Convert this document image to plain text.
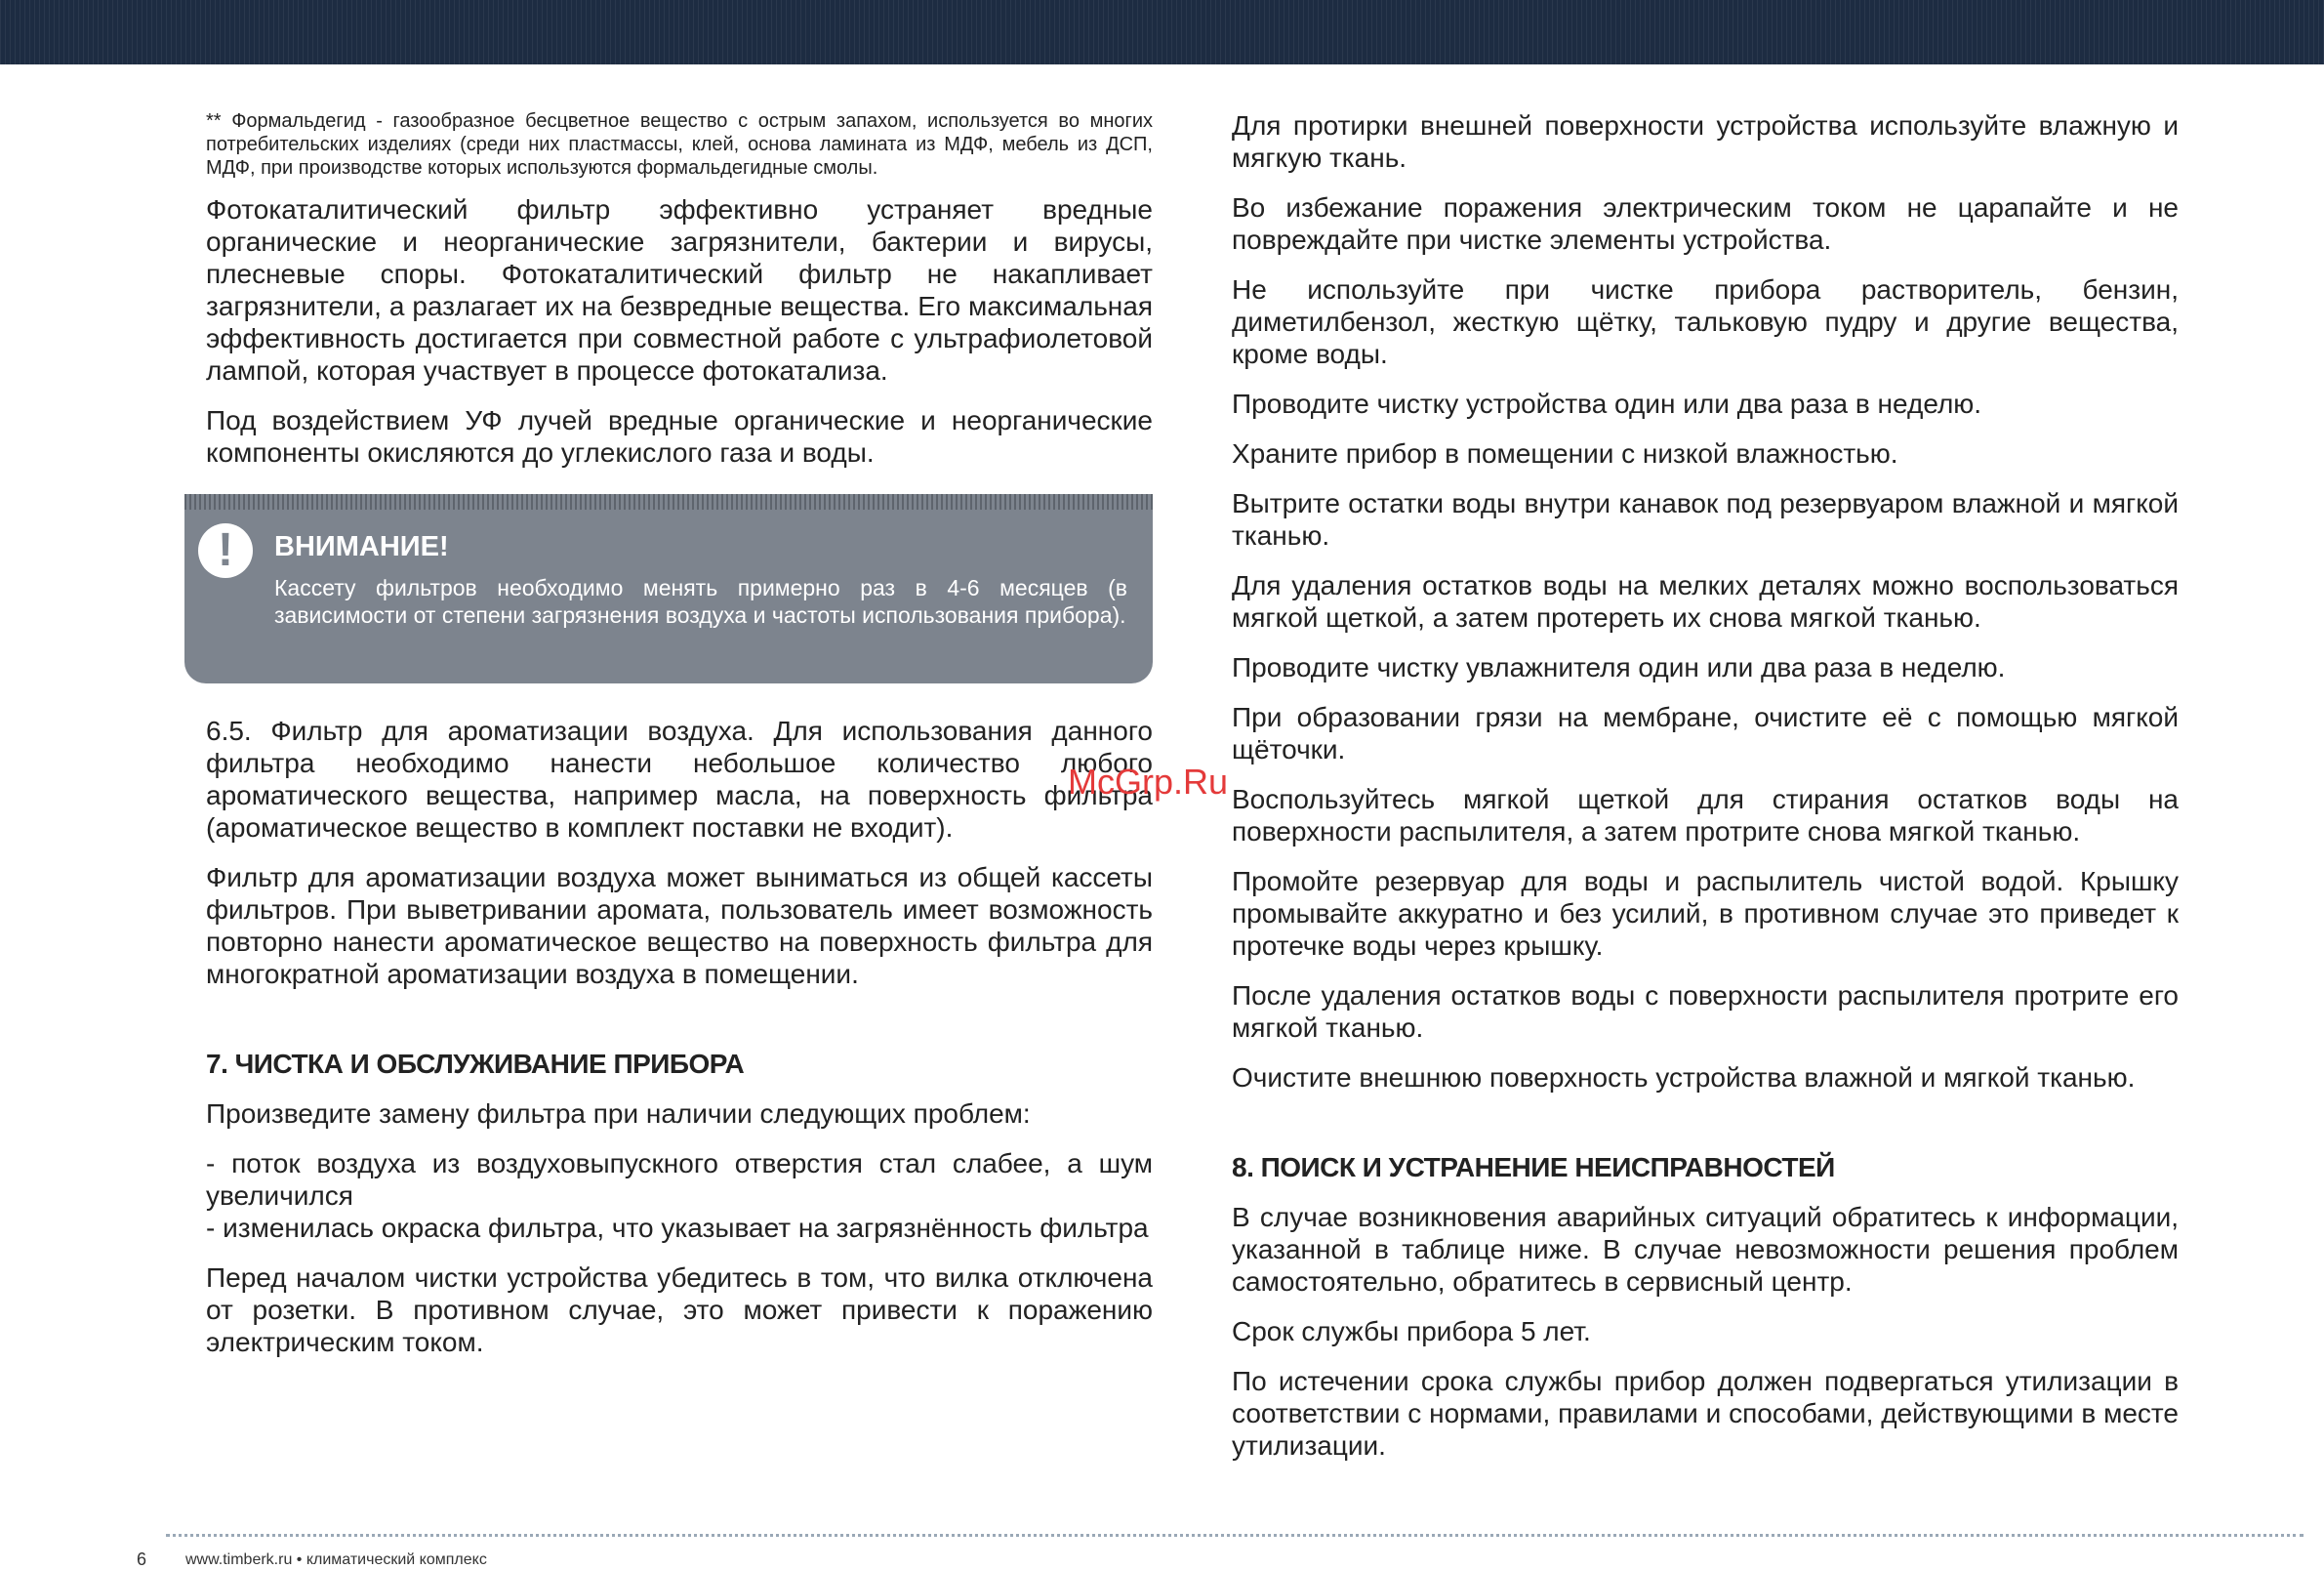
** Формальдегид - газообразное бесцветное вещество с острым запахом, используется во многих потребительских изделиях (среди них пластмассы, клей, основа ламината из МДФ, мебель из ДСП, МДФ, при производстве которых используются формальдегидные смолы.

Фотокаталитический фильтр эффективно устраняет вредные органические и неорганические загрязнители, бактерии и вирусы, плесневые споры. Фотокаталитический фильтр не накапливает загрязнители, а разлагает их на безвредные вещества. Его максимальная эффективность достигается при совместной работе с ультрафиолетовой лампой, которая участвует в процессе фотокатализа.

Под воздействием УФ лучей вредные органические и неорганические компоненты окисляются до углекислого газа и воды.

!	ВНИМАНИЕ!
Кассету фильтров необходимо менять примерно раз в 4-6 месяцев (в зависимости от степени загрязнения воздуха и частоты использования прибора).

6.5. Фильтр для ароматизации воздуха. Для использования данного фильтра необходимо нанести небольшое количество любого ароматического вещества, например масла, на поверхность фильтра (ароматическое вещество в комплект поставки не входит).

Фильтр для ароматизации воздуха может выниматься из общей кассеты фильтров. При выветривании аромата, пользователь имеет возможность повторно нанести ароматическое вещество на поверхность фильтра для многократной ароматизации воздуха в помещении.

7. ЧИСТКА И ОБСЛУЖИВАНИЕ ПРИБОРА

Произведите замену фильтра при наличии следующих проблем:

- поток воздуха из воздуховыпускного отверстия стал слабее, а шум увеличился

- изменилась окраска фильтра, что указывает на загрязнённость фильтра

Перед началом чистки устройства убедитесь в том, что вилка отключена от розетки. В противном случае, это может привести к поражению электрическим током.

Для протирки внешней поверхности устройства используйте влажную и мягкую ткань.

Во избежание поражения электрическим током не царапайте и не повреждайте при чистке элементы устройства.

Не используйте при чистке прибора растворитель, бензин, диметилбензол, жесткую щётку, тальковую пудру и другие вещества, кроме воды.

Проводите чистку устройства один или два раза в неделю.

Храните прибор в помещении с низкой влажностью.

Вытрите остатки воды внутри канавок под резервуаром влажной и мягкой тканью.

Для удаления остатков воды на мелких деталях можно воспользоваться мягкой щеткой, а затем протереть их снова мягкой тканью.

Проводите чистку увлажнителя один или два раза в неделю.

При образовании грязи на мембране, очистите её с помощью мягкой щёточки.

Воспользуйтесь мягкой щеткой для стирания остатков воды на поверхности распылителя, а затем протрите снова мягкой тканью.

Промойте резервуар для воды и распылитель чистой водой. Крышку промывайте аккуратно и без усилий, в противном случае это приведет к протечке воды через крышку.

После удаления остатков воды с поверхности распылителя протрите его мягкой тканью.

Очистите внешнюю поверхность устройства влажной и мягкой тканью.

8. ПОИСК И УСТРАНЕНИЕ НЕИСПРАВНОСТЕЙ

В случае возникновения аварийных ситуаций обратитесь к информации, указанной в таблице ниже. В случае невозможности решения проблем самостоятельно, обратитесь в сервисный центр.

Срок службы прибора 5 лет.

По истечении срока службы прибор должен подвергаться утилизации в соответствии с нормами, правилами и способами, действующими в месте утилизации.

McGrp.Ru
6 www.timberk.ru • климатический комплекс
